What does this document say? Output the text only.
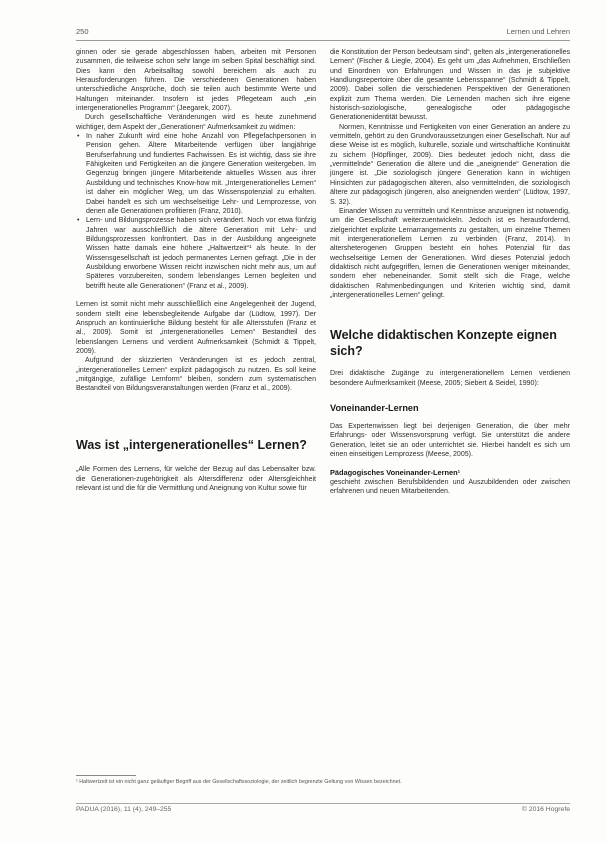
250	Lernen und Lehren

ginnen oder sie gerade abgeschlossen haben, arbeiten mit Personen zusammen, die teilweise schon sehr lange im selben Spital beschäftigt sind. Dies kann den Arbeitsalltag sowohl bereichern als auch zu Herausforderungen führen. Die verschiedenen Generationen haben unterschiedliche Ansprüche, doch sie teilen auch bestimmte Werte und Haltungen miteinander. Insofern ist jedes Pflegeteam auch „ein intergenerationelles Programm“ (Jeegarek, 2007).

Durch gesellschaftliche Veränderungen wird es heute zunehmend wichtiger, dem Aspekt der „Generationen“ Aufmerksamkeit zu widmen:

• In naher Zukunft wird eine hohe Anzahl von Pflegefachpersonen in Pension gehen. Ältere Mitarbeitende verfügen über langjährige Berufserfahrung und fundiertes Fachwissen. Es ist wichtig, dass sie ihre Fähigkeiten und Fertigkeiten an die jüngere Generation weitergeben. Im Gegenzug bringen jüngere Mitarbeitende aktuelles Wissen aus ihrer Ausbildung und technisches Know-how mit. „Intergenerationelles Lernen“ ist daher ein möglicher Weg, um das Wissenspotenzial zu erhalten. Dabei handelt es sich um wechselseitige Lehr- und Lernprozesse, von denen alle Generationen profitieren (Franz, 2010).
• Lern- und Bildungsprozesse haben sich verändert. Noch vor etwa fünfzig Jahren war ausschließlich die ältere Generation mit Lehr- und Bildungsprozessen konfrontiert. Das in der Ausbildung angeeignete Wissen hatte damals eine höhere „Haltwertzeit“¹ als heute. In der Wissensgesellschaft ist jedoch permanentes Lernen gefragt. „Die in der Ausbildung erworbene Wissen reicht inzwischen nicht mehr aus, um auf Späteres vorzubereiten, sondern lebenslanges Lernen begleiten und betrifft heute alle Generationen“ (Franz et al., 2009).

Lernen ist somit nicht mehr ausschließlich eine Angelegenheit der Jugend, sondern stellt eine lebensbegleitende Aufgabe dar (Lüdtow, 1997). Der Anspruch an kontinuierliche Bildung besteht für alle Altersstufen (Franz et al., 2009). Somit ist „intergenerationelles Lernen“ Bestandteil des lebenslangen Lernens und verdient Aufmerksamkeit (Schmidt & Tippelt, 2009).

Aufgrund der skizzierten Veränderungen ist es jedoch zentral, „intergenerationelles Lernen“ explizit pädagogisch zu nutzen. Es soll keine „mitgängige, zufällige Lernform“ bleiben, sondern zum systematischen Bestandteil von Bildungsveranstaltungen werden (Franz et al., 2009).

Was ist „intergenerationelles“ Lernen?

„Alle Formen des Lernens, für welche der Bezug auf das Lebensalter bzw. die Generationen-zugehörigkeit als Altersdifferenz oder Altersgleichheit relevant ist und die für die Vermittlung und Aneignung von Kultur sowie für

die Konstitution der Person bedeutsam sind“, gelten als „intergenerationelles Lernen“ (Fischer & Liegle, 2004). Es geht um „das Aufnehmen, Erschließen und Einordnen von Erfahrungen und Wissen in das je subjektive Handlungsrepertoire über die gesamte Lebensspanne“ (Schmidt & Tippelt, 2009). Dabei sollen die verschiedenen Perspektiven der Generationen explizit zum Thema werden. Die Lernenden machen sich ihre eigene historisch-soziologische, genealogische oder pädagogische Generationenidentität bewusst.

Normen, Kenntnisse und Fertigkeiten von einer Generation an andere zu vermitteln, gehört zu den Grundvoraussetzungen einer Gesellschaft. Nur auf diese Weise ist es möglich, kulturelle, soziale und wirtschaftliche Kontinuität zu sichern (Höpflinger, 2009). Dies bedeutet jedoch nicht, dass die „vermittelnde“ Generation die ältere und die „aneignende“ Generation die jüngere ist. „Die soziologisch jüngere Generation kann in wichtigen Hinsichten zur pädagogischen älteren, also vermittelnden, die soziologisch ältere zur pädagogisch jüngeren, also aneignenden werden“ (Lüdtow, 1997, S. 32).

Einander Wissen zu vermitteln und Kenntnisse anzueignen ist notwendig, um die Gesellschaft weiterzuentwickeln. Jedoch ist es herausfordernd, zielgerichtet explizite Lernarrangements zu gestalten, um einzelne Themen mit intergenerationellem Lernen zu verbinden (Franz, 2014). In altersheterogenen Gruppen besteht ein hohes Potenzial für das wechselseitige Lernen der Generationen. Wird dieses Potenzial jedoch didaktisch nicht aufgegriffen, lernen die Generationen weniger miteinander, sondern eher nebeneinander. Somit stellt sich die Frage, welche didaktischen Rahmenbedingungen und Kriterien wichtig sind, damit „intergenerationelles Lernen“ gelingt.

Welche didaktischen Konzepte eignen sich?

Drei didaktische Zugänge zu intergenerationellem Lernen verdienen besondere Aufmerksamkeit (Meese, 2005; Siebert & Seidel, 1990):

Voneinander-Lernen

Das Expertenwissen liegt bei derjenigen Generation, die über mehr Erfahrungs- oder Wissensvorsprung verfügt. Sie unterstützt die andere Generation, leitet sie an oder unterrichtet sie. Hierbei handelt es sich um einen einseitigen Lernprozess (Meese, 2005).

Pädagogisches Voneinander-Lernen¹

geschieht zwischen Berufsbildenden und Auszubildenden oder zwischen erfahrenen und neuen Mitarbeitenden.

¹ Haltwertzeit ist ein nicht ganz geläufiger Begriff aus der Gesellschaftssoziologie, der zeitlich begrenzte Geltung von Wissen bezeichnet.
PADUA (2016), 11 (4), 249–255	© 2016 Hogrefe
